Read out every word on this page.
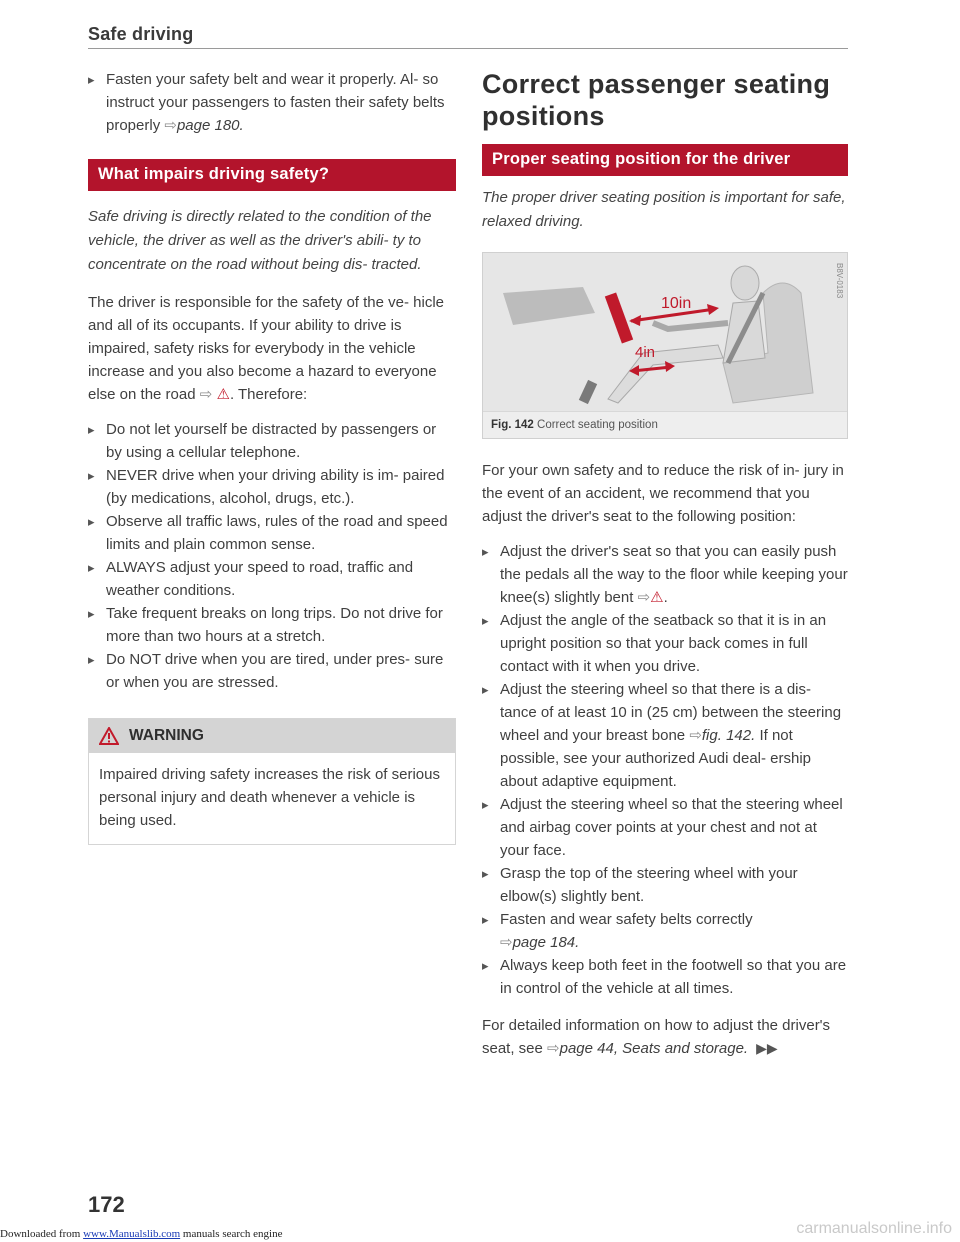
Safe driving
▸ Fasten your safety belt and wear it properly. Al- so instruct your passengers to fasten their safety belts properly ⇨page 180.
What impairs driving safety?

Safe driving is directly related to the condition of the vehicle, the driver as well as the driver's abili- ty to concentrate on the road without being dis- tracted.

The driver is responsible for the safety of the ve- hicle and all of its occupants. If your ability to drive is impaired, safety risks for everybody in the vehicle increase and you also become a hazard to everyone else on the road ⇨ ⚠. Therefore:

▸ Do not let yourself be distracted by passengers or by using a cellular telephone.
▸ NEVER drive when your driving ability is im- paired (by medications, alcohol, drugs, etc.).
▸ Observe all traffic laws, rules of the road and speed limits and plain common sense.
▸ ALWAYS adjust your speed to road, traffic and weather conditions.
▸ Take frequent breaks on long trips. Do not drive for more than two hours at a stretch.
▸ Do NOT drive when you are tired, under pres- sure or when you are stressed.
WARNING
Impaired driving safety increases the risk of serious personal injury and death whenever a vehicle is being used.
Correct passenger seating positions
Proper seating position for the driver

The proper driver seating position is important for safe, relaxed driving.

10in
4in
B8V-0183
Fig. 142 Correct seating position

For your own safety and to reduce the risk of in- jury in the event of an accident, we recommend that you adjust the driver's seat to the following position:

▸ Adjust the driver's seat so that you can easily push the pedals all the way to the floor while keeping your knee(s) slightly bent ⇨⚠.
▸ Adjust the angle of the seatback so that it is in an upright position so that your back comes in full contact with it when you drive.
▸ Adjust the steering wheel so that there is a dis- tance of at least 10 in (25 cm) between the steering wheel and your breast bone ⇨fig. 142. If not possible, see your authorized Audi deal- ership about adaptive equipment.
▸ Adjust the steering wheel so that the steering wheel and airbag cover points at your chest and not at your face.
▸ Grasp the top of the steering wheel with your elbow(s) slightly bent.
▸ Fasten and wear safety belts correctly
⇨page 184.
▸ Always keep both feet in the footwell so that you are in control of the vehicle at all times.

For detailed information on how to adjust the driver's seat, see ⇨page 44, Seats and storage. ▶▶

172
Downloaded from www.Manualslib.com manuals search engine	carmanualsonline.info
